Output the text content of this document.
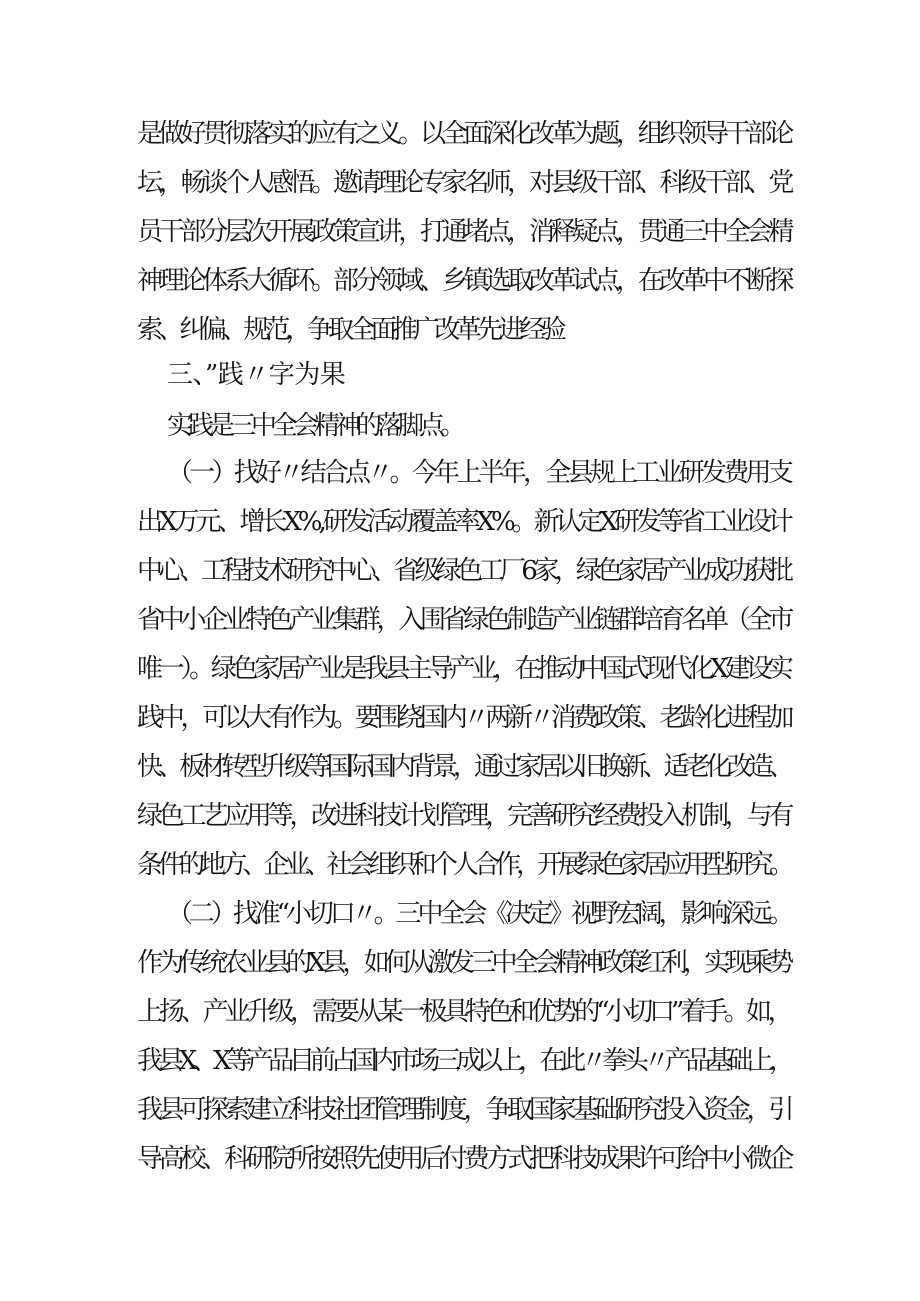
是做好贯彻落实的应有之义。以全面深化改革为题，组织领导干部论
坛，畅谈个人感悟。邀请理论专家名师，对县级干部、科级干部、党
员干部分层次开展政策宣讲，打通堵点，消释疑点，贯通三中全会精
神理论体系大循环。部分领域、乡镇选取改革试点，在改革中不断探
索、纠偏、规范，争取全面推广改革先进经验
三、”践〃字为果
实践是三中全会精神的落脚点。
（一）找好〃结合点〃。今年上半年，全县规上工业研发费用支
出X万元、增长X%,研发活动覆盖率X%。新认定X研发等省工业设计
中心、工程技术研究中心、省级绿色工厂6家，绿色家居产业成功获批
省中小企业特色产业集群，入围省绿色制造产业链群培育名单（全市
唯一）。绿色家居产业是我县主导产业，在推动中国式现代化X建设实
践中，可以大有作为。要围绕国内〃两新〃消费政策、老龄化进程加
快、板材转型升级等国际国内背景，通过家居以旧换新、适老化改造、
绿色工艺应用等，改进科技计划管理，完善研究经费投入机制，与有
条件的地方、企业、社会组织和个人合作，开展绿色家居应用型研究。
（二）找准“小切口〃。三中全会《决定》视野宏阔，影响深远。
作为传统农业县的X县，如何从激发三中全会精神政策红利，实现乘势
上扬、产业升级，需要从某一极具特色和优势的“小切口”着手。如，
我县X、X等产品目前占国内市场三成以上，在此〃拳头〃产品基础上，
我县可探索建立科技社团管理制度，争取国家基础研究投入资金，引
导高校、科研院所按照先使用后付费方式把科技成果许可给中小微企
